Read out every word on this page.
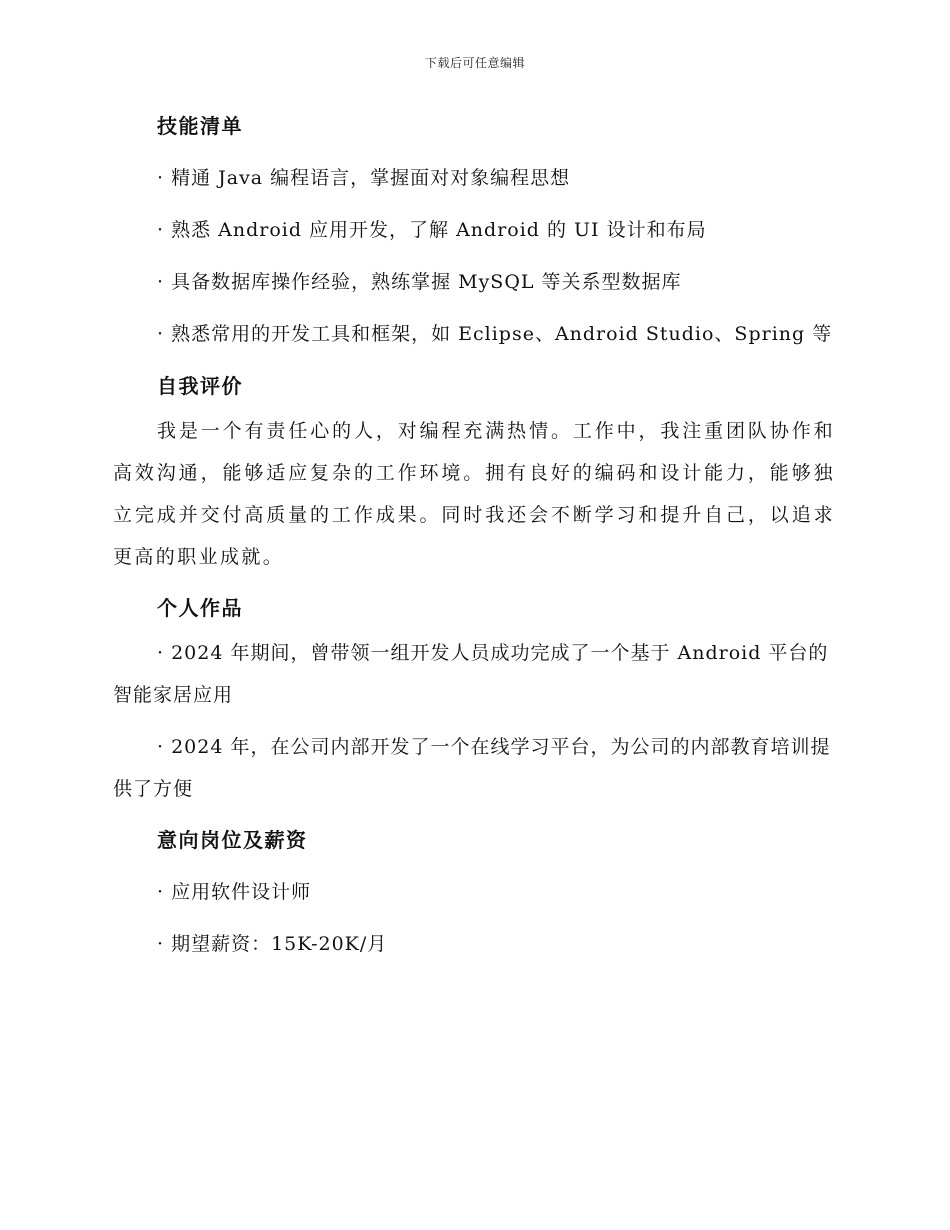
下载后可任意编辑
技能清单

· 精通 Java 编程语言，掌握面对对象编程思想

· 熟悉 Android 应用开发，了解 Android 的 UI 设计和布局

· 具备数据库操作经验，熟练掌握 MySQL 等关系型数据库

· 熟悉常用的开发工具和框架，如 Eclipse、Android Studio、Spring 等

自我评价

我是一个有责任心的人，对编程充满热情。工作中，我注重团队协作和高效沟通，能够适应复杂的工作环境。拥有良好的编码和设计能力，能够独立完成并交付高质量的工作成果。同时我还会不断学习和提升自己，以追求更高的职业成就。

个人作品

· 2024 年期间，曾带领一组开发人员成功完成了一个基于 Android 平台的智能家居应用

· 2024 年，在公司内部开发了一个在线学习平台，为公司的内部教育培训提供了方便

意向岗位及薪资

· 应用软件设计师

· 期望薪资：15K-20K/月
